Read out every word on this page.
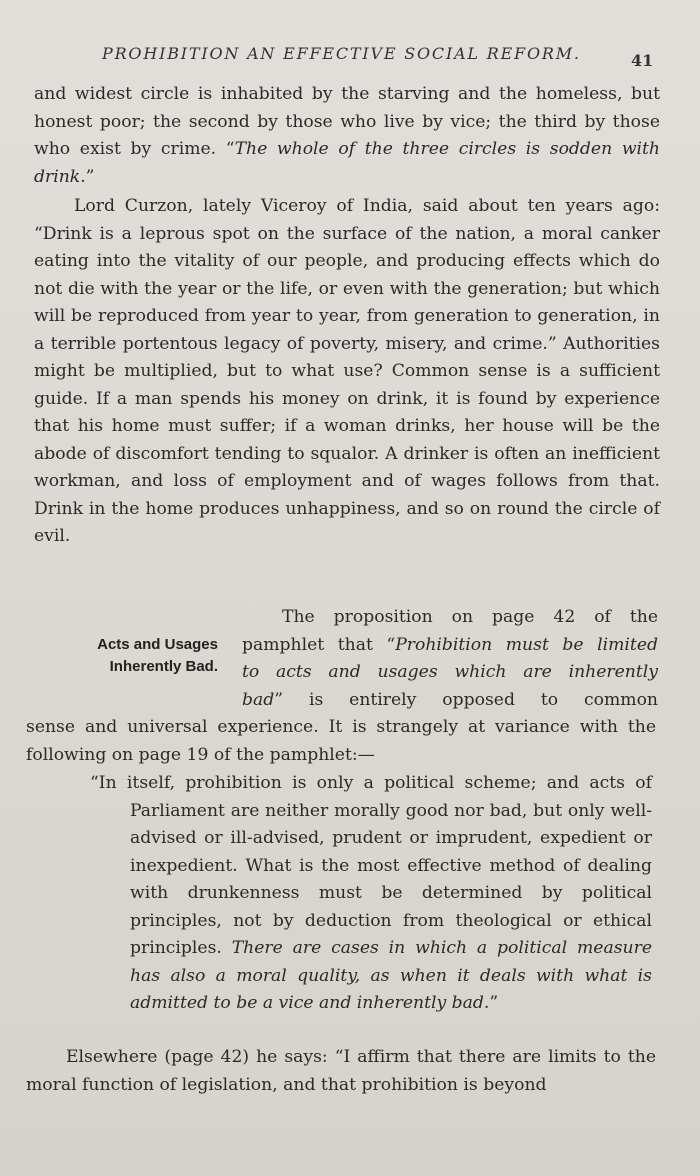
PROHIBITION AN EFFECTIVE SOCIAL REFORM.	41
and widest circle is inhabited by the starving and the homeless, but honest poor; the second by those who live by vice; the third by those who exist by crime. “The whole of the three circles is sodden with drink.”
Lord Curzon, lately Viceroy of India, said about ten years ago: “Drink is a leprous spot on the surface of the nation, a moral canker eating into the vitality of our people, and producing effects which do not die with the year or the life, or even with the generation; but which will be reproduced from year to year, from generation to generation, in a terrible portentous legacy of poverty, misery, and crime.” Authorities might be multiplied, but to what use? Common sense is a sufficient guide. If a man spends his money on drink, it is found by experience that his home must suffer; if a woman drinks, her house will be the abode of discomfort tending to squalor. A drinker is often an inefficient workman, and loss of employment and of wages follows from that. Drink in the home produces unhappiness, and so on round the circle of evil.
Acts and Usages
Inherently Bad.
The proposition on page 42 of the
pamphlet that “Prohibition must be limited
to acts and usages which are inherently
bad” is entirely opposed to common
sense and universal experience. It is strangely at variance with the following on page 19 of the pamphlet:—
“In itself, prohibition is only a political scheme; and acts of Parliament are neither morally good nor bad, but only well-advised or ill-advised, prudent or imprudent, expedient or inexpedient. What is the most effective method of dealing with drunkenness must be determined by political principles, not by deduction from theological or ethical principles. There are cases in which a political measure has also a moral quality, as when it deals with what is admitted to be a vice and inherently bad.”

Elsewhere (page 42) he says: “I affirm that there are limits to the moral function of legislation, and that prohibition is beyond
